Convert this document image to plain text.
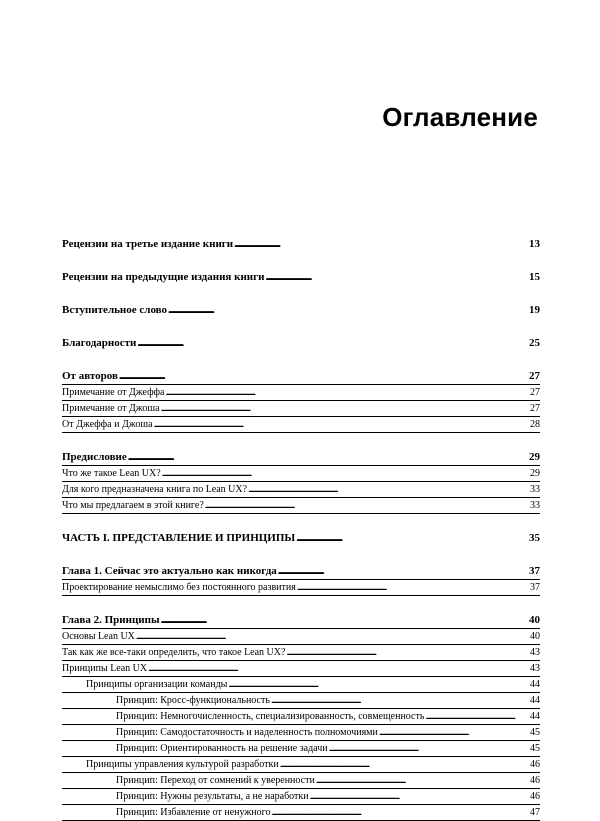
Оглавление
Рецензии на третье издание книги . . .	13
Рецензии на предыдущие издания книги . . .	15
Вступительное слово . . .	19
Благодарности . . .	25
От авторов . . .	27
Примечание от Джеффа . . .	27
Примечание от Джоша . . .	27
От Джеффа и Джоша . . .	28
Предисловие . . .	29
Что же такое Lean UX? . . .	29
Для кого предназначена книга по Lean UX? . . .	33
Что мы предлагаем в этой книге? . . .	33
ЧАСТЬ I. ПРЕДСТАВЛЕНИЕ И ПРИНЦИПЫ . . .	35
Глава 1. Сейчас это актуально как никогда . . .	37
Проектирование немыслимо без постоянного развития . . .	37
Глава 2. Принципы . . .	40
Основы Lean UX . . .	40
Так как же все-таки определить, что такое Lean UX? . . .	43
Принципы Lean UX . . .	43
Принципы организации команды . . .	44
Принцип: Кросс-функциональность . . .	44
Принцип: Немногочисленность, специализированность, совмещенность . . .	44
Принцип: Самодостаточность и наделенность полномочиями . . .	45
Принцип: Ориентированность на решение задачи . . .	45
Принципы управления культурой разработки . . .	46
Принцип: Переход от сомнений к уверенности . . .	46
Принцип: Нужны результаты, а не наработки . . .	46
Принцип: Избавление от ненужного . . .	47
